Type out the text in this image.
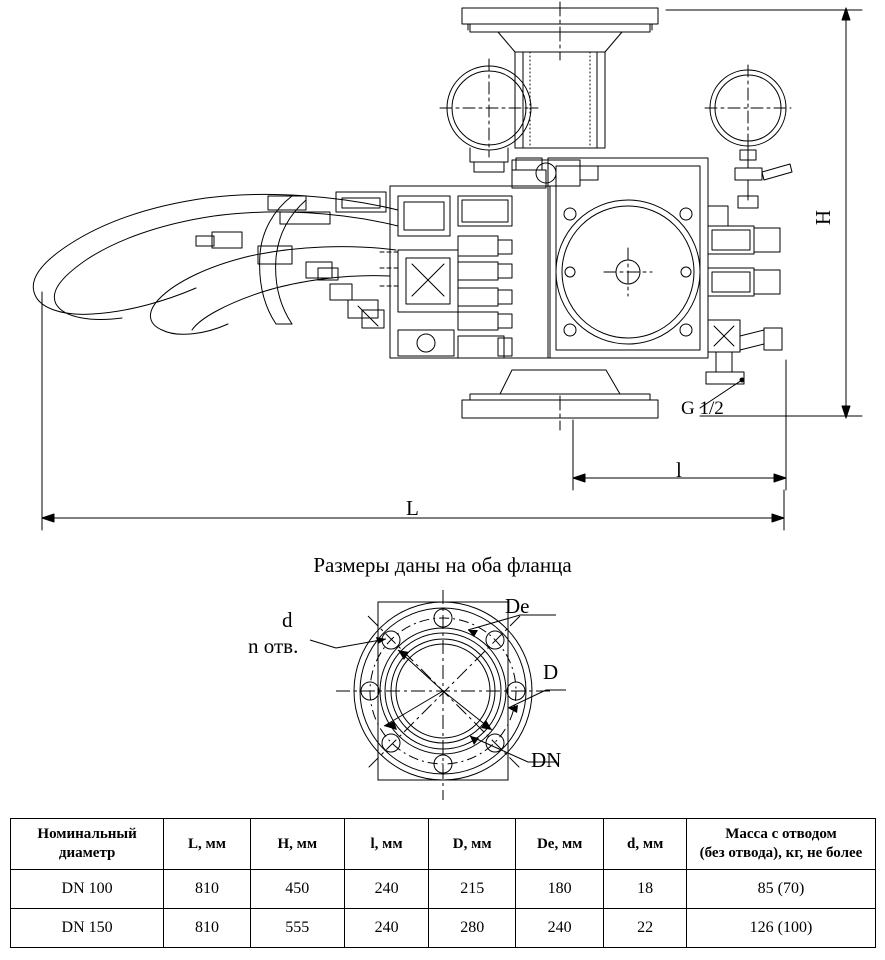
H
L
l
G 1/2
Размеры даны на оба фланца
d
n отв.
De
D
DN
Номинальный
диаметр	L, мм	H, мм	l, мм	D, мм	De, мм	d, мм	Масса с отводом
(без отвода), кг, не более
DN 100	810	450	240	215	180	18	85 (70)
DN 150	810	555	240	280	240	22	126 (100)
